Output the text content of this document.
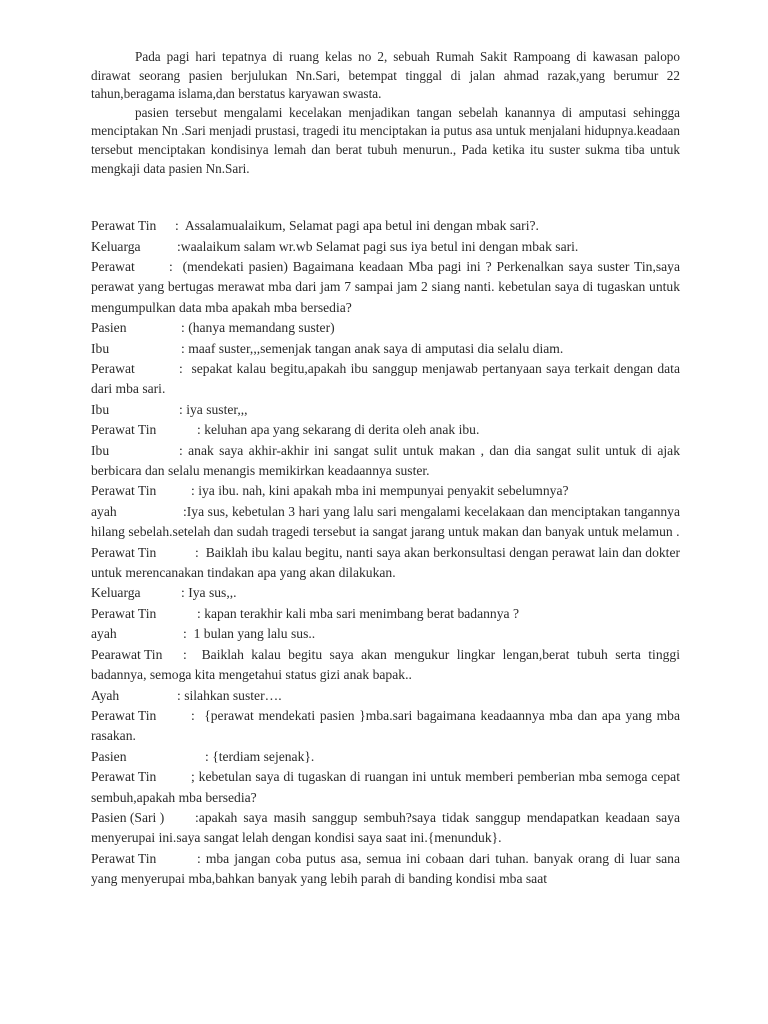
Pada pagi hari tepatnya di ruang kelas no 2, sebuah Rumah Sakit Rampoang di kawasan palopo dirawat seorang pasien berjulukan Nn.Sari, betempat tinggal di jalan ahmad razak,yang berumur 22 tahun,beragama islama,dan berstatus karyawan swasta.

pasien tersebut mengalami kecelakan menjadikan tangan sebelah kanannya di amputasi sehingga menciptakan Nn .Sari menjadi prustasi, tragedi itu menciptakan ia putus asa untuk menjalani hidupnya.keadaan tersebut menciptakan kondisinya lemah dan berat tubuh menurun., Pada ketika itu suster sukma tiba untuk mengkaji data pasien Nn.Sari.

Perawat Tin : Assalamualaikum, Selamat pagi apa betul ini dengan mbak sari?.

Keluarga	:waalaikum salam wr.wb Selamat pagi sus iya betul ini dengan mbak sari.

Perawat	: (mendekati pasien) Bagaimana keadaan Mba pagi ini ? Perkenalkan saya suster Tin,saya perawat yang bertugas merawat mba dari jam 7 sampai jam 2 siang nanti. kebetulan saya di tugaskan untuk mengumpulkan data mba apakah mba bersedia?

Pasien	: (hanya memandang suster)

Ibu	: maaf suster,,,semenjak tangan anak saya di amputasi dia selalu diam.

Perawat	: sepakat kalau begitu,apakah ibu sanggup menjawab pertanyaan saya terkait dengan data dari mba sari.

Ibu	: iya suster,,,

Perawat Tin	: keluhan apa yang sekarang di derita oleh anak ibu.

Ibu	: anak saya akhir-akhir ini sangat sulit untuk makan , dan dia sangat sulit untuk di ajak berbicara dan selalu menangis memikirkan keadaannya suster.

Perawat Tin	: iya ibu. nah, kini apakah mba ini mempunyai penyakit sebelumnya?

ayah	:Iya sus, kebetulan 3 hari yang lalu sari mengalami kecelakaan dan menciptakan tangannya hilang sebelah.setelah dan sudah tragedi tersebut ia sangat jarang untuk makan dan banyak untuk melamun .

Perawat Tin	: Baiklah ibu kalau begitu, nanti saya akan berkonsultasi dengan perawat lain dan dokter untuk merencanakan tindakan apa yang akan dilakukan.

Keluarga	: Iya sus,,.

Perawat Tin	: kapan terakhir kali mba sari menimbang berat badannya ?

ayah	: 1 bulan yang lalu sus..

Pearawat Tin : Baiklah kalau begitu saya akan mengukur lingkar lengan,berat tubuh serta tinggi badannya, semoga kita mengetahui status gizi anak bapak..

Ayah	: silahkan suster….

Perawat Tin	: {perawat mendekati pasien }mba.sari bagaimana keadaannya mba dan apa yang mba rasakan.

Pasien	: {terdiam sejenak}.

Perawat Tin	; kebetulan saya di tugaskan di ruangan ini untuk memberi pemberian mba semoga cepat sembuh,apakah mba bersedia?

Pasien (Sari ) :apakah saya masih sanggup sembuh?saya tidak sanggup mendapatkan keadaan saya menyerupai ini.saya sangat lelah dengan kondisi saya saat ini.{menunduk}.

Perawat Tin	: mba jangan coba putus asa, semua ini cobaan dari tuhan. banyak orang di luar sana yang menyerupai mba,bahkan banyak yang lebih parah di banding kondisi mba saat
